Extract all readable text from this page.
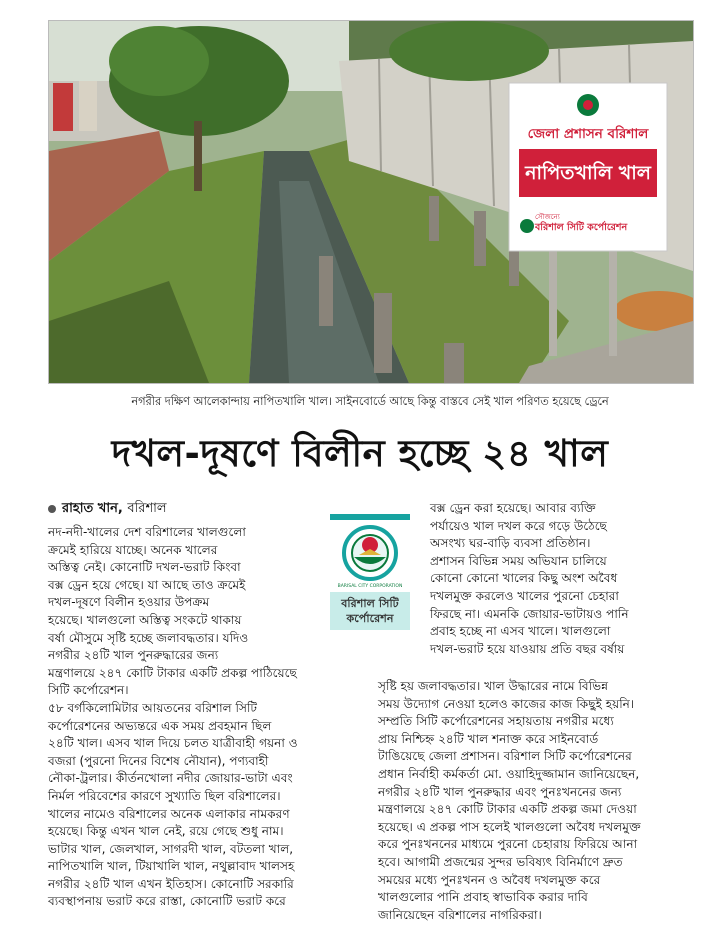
জেলা প্রশাসন বরিশাল
নাপিতখালি খাল
সৌজন্যে
বরিশাল সিটি কর্পোরেশন
নগরীর দক্ষিণ আলেকান্দায় নাপিতখালি খাল। সাইনবোর্ডে আছে কিন্তু বাস্তবে সেই খাল পরিণত হয়েছে ড্রেনে
দখল-দূষণে বিলীন হচ্ছে ২৪ খাল
রাহাত খান, বরিশাল

নদ-নদী-খালের দেশ বরিশালের খালগুলো

ক্রমেই হারিয়ে যাচ্ছে। অনেক খালের

অস্তিত্ব নেই। কোনোটি দখল-ভরাট কিংবা

বক্স ড্রেন হয়ে গেছে। যা আছে তাও ক্রমেই

দখল-দূষণে বিলীন হওয়ার উপক্রম

হয়েছে। খালগুলো অস্তিত্ব সংকটে থাকায়

বর্ষা মৌসুমে সৃষ্টি হচ্ছে জলাবদ্ধতার। যদিও

নগরীর ২৪টি খাল পুনরুদ্ধারের জন্য

মন্ত্রণালয়ে ২৪৭ কোটি টাকার একটি প্রকল্প পাঠিয়েছে

সিটি কর্পোরেশন।

৫৮ বর্গকিলোমিটার আয়তনের বরিশাল সিটি

কর্পোরেশনের অভ্যন্তরে এক সময় প্রবহমান ছিল

২৪টি খাল। এসব খাল দিয়ে চলত যাত্রীবাহী গয়না ও

বজরা (পুরনো দিনের বিশেষ নৌযান), পণ্যবাহী

নৌকা-ট্রলার। কীর্তনখোলা নদীর জোয়ার-ভাটা এবং

নির্মল পরিবেশের কারণে সুখ্যাতি ছিল বরিশালের।

খালের নামেও বরিশালের অনেক এলাকার নামকরণ

হয়েছে। কিন্তু এখন খাল নেই, রয়ে গেছে শুধু নাম।

ভাটার খাল, জেলখাল, সাগরদী খাল, বটতলা খাল,

নাপিতখালি খাল, টিয়াখালি খাল, নথুল্লাবাদ খালসহ

নগরীর ২৪টি খাল এখন ইতিহাস। কোনোটি সরকারি

ব্যবস্থাপনায় ভরাট করে রাস্তা, কোনোটি ভরাট করে

BARISAL CITY CORPORATION
বরিশাল সিটি কর্পোরেশন

বক্স ড্রেন করা হয়েছে। আবার ব্যক্তি

পর্যায়েও খাল দখল করে গড়ে উঠেছে

অসংখ্য ঘর-বাড়ি ব্যবসা প্রতিষ্ঠান।

প্রশাসন বিভিন্ন সময় অভিযান চালিয়ে

কোনো কোনো খালের কিছু অংশ অবৈধ

দখলমুক্ত করলেও খালের পুরনো চেহারা

ফিরছে না। এমনকি জোয়ার-ভাটায়ও পানি

প্রবাহ হচ্ছে না এসব খালে। খালগুলো

দখল-ভরাট হয়ে যাওয়ায় প্রতি বছর বর্ষায়

সৃষ্টি হয় জলাবদ্ধতার। খাল উদ্ধারের নামে বিভিন্ন

সময় উদ্যোগ নেওয়া হলেও কাজের কাজ কিছুই হয়নি।

সম্প্রতি সিটি কর্পোরেশনের সহায়তায় নগরীর মধ্যে

প্রায় নিশ্চিহ্ন ২৪টি খাল শনাক্ত করে সাইনবোর্ড

টাঙিয়েছে জেলা প্রশাসন। বরিশাল সিটি কর্পোরেশনের

প্রধান নির্বাহী কর্মকর্তা মো. ওয়াহিদুজ্জামান জানিয়েছেন,

নগরীর ২৪টি খাল পুনরুদ্ধার এবং পুনঃখননের জন্য

মন্ত্রণালয়ে ২৪৭ কোটি টাকার একটি প্রকল্প জমা দেওয়া

হয়েছে। এ প্রকল্প পাস হলেই খালগুলো অবৈধ দখলমুক্ত

করে পুনঃখননের মাধ্যমে পুরনো চেহারায় ফিরিয়ে আনা

হবে। আগামী প্রজন্মের সুন্দর ভবিষ্যৎ বিনির্মাণে দ্রুত

সময়ের মধ্যে পুনঃখনন ও অবৈধ দখলমুক্ত করে

খালগুলোর পানি প্রবাহ স্বাভাবিক করার দাবি

জানিয়েছেন বরিশালের নাগরিকরা।
